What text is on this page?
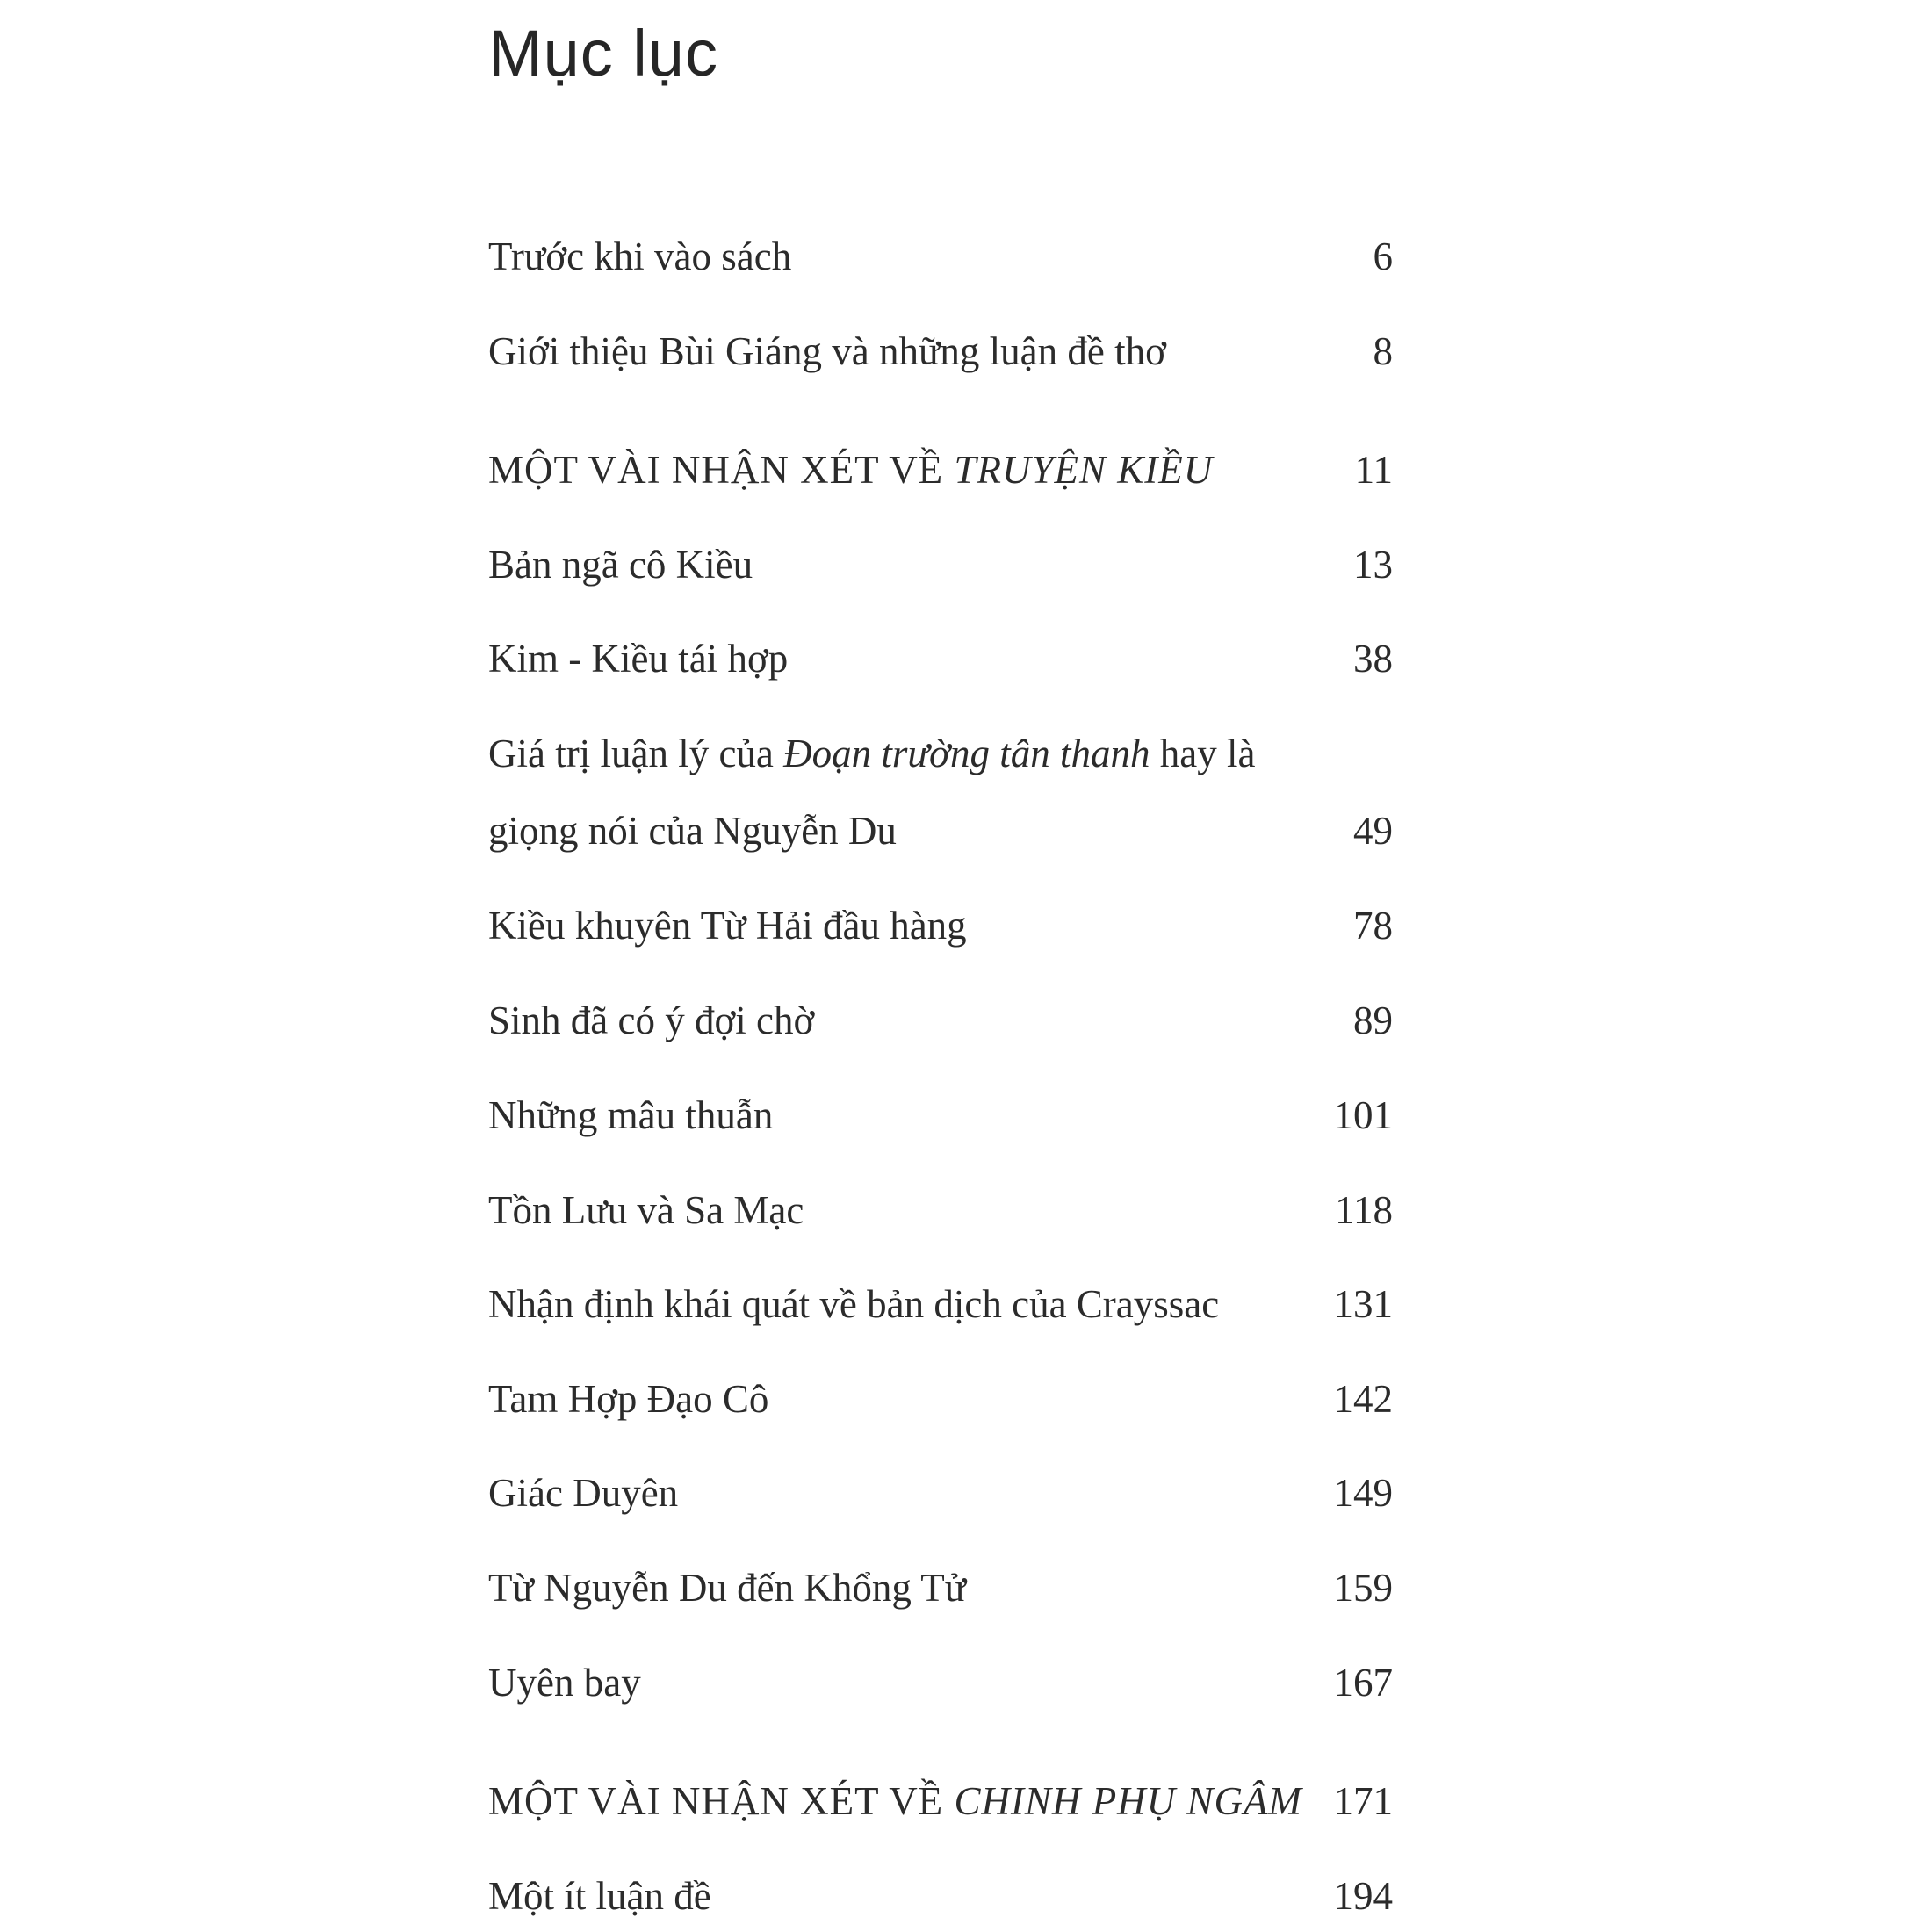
Mục lục
Trước khi vào sách	6
Giới thiệu Bùi Giáng và những luận đề thơ	8
MỘT VÀI NHẬN XÉT VỀ TRUYỆN KIỀU	11
Bản ngã cô Kiều	13
Kim - Kiều tái hợp	38
Giá trị luận lý của Đoạn trường tân thanh hay là
giọng nói của Nguyễn Du	49
Kiều khuyên Từ Hải đầu hàng	78
Sinh đã có ý đợi chờ	89
Những mâu thuẫn	101
Tồn Lưu và Sa Mạc	118
Nhận định khái quát về bản dịch của Crayssac	131
Tam Hợp Đạo Cô	142
Giác Duyên	149
Từ Nguyễn Du đến Khổng Tử	159
Uyên bay	167
MỘT VÀI NHẬN XÉT VỀ CHINH PHỤ NGÂM 171
Một ít luận đề	194
